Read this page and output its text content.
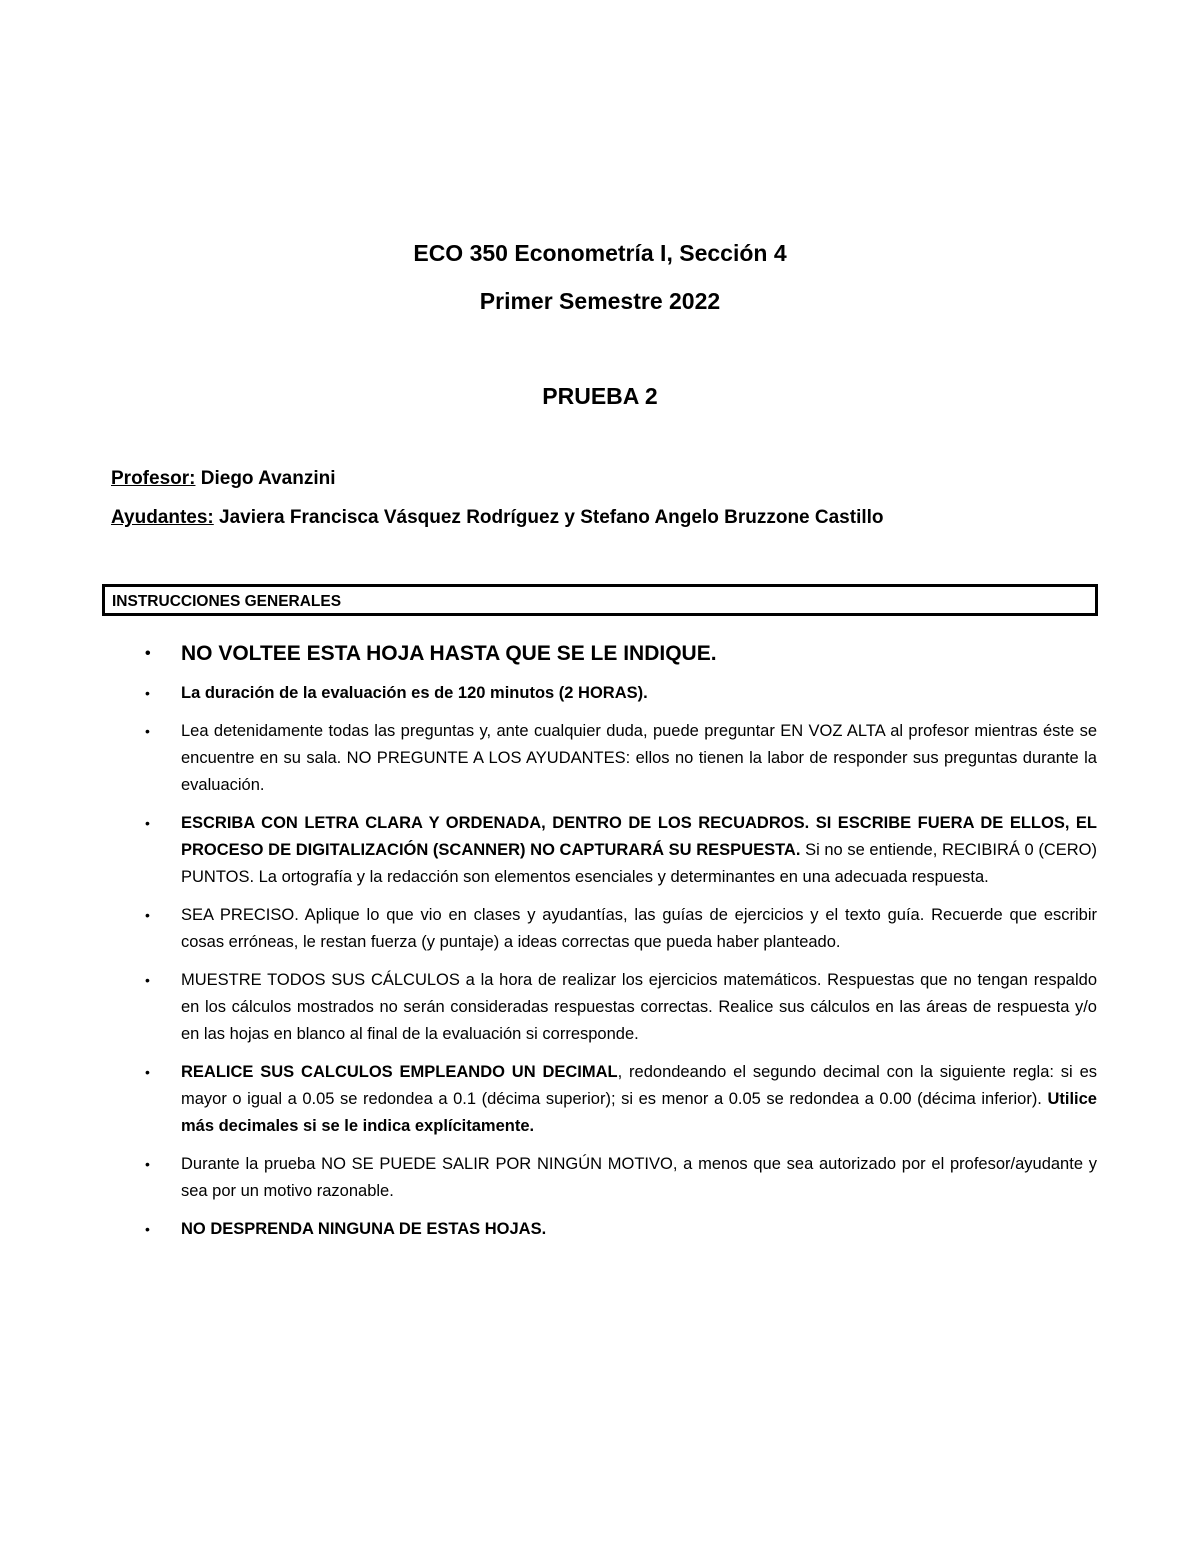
ECO 350 Econometría I, Sección 4
Primer Semestre 2022
PRUEBA 2
Profesor: Diego Avanzini
Ayudantes: Javiera Francisca Vásquez Rodríguez y Stefano Angelo Bruzzone Castillo
INSTRUCCIONES GENERALES
• NO VOLTEE ESTA HOJA HASTA QUE SE LE INDIQUE.
• La duración de la evaluación es de 120 minutos (2 HORAS).
• Lea detenidamente todas las preguntas y, ante cualquier duda, puede preguntar EN VOZ ALTA al profesor mientras éste se encuentre en su sala. NO PREGUNTE A LOS AYUDANTES: ellos no tienen la labor de responder sus preguntas durante la evaluación.
• ESCRIBA CON LETRA CLARA Y ORDENADA, DENTRO DE LOS RECUADROS. SI ESCRIBE FUERA DE ELLOS, EL PROCESO DE DIGITALIZACIÓN (SCANNER) NO CAPTURARÁ SU RESPUESTA. Si no se entiende, RECIBIRÁ 0 (CERO) PUNTOS. La ortografía y la redacción son elementos esenciales y determinantes en una adecuada respuesta.
• SEA PRECISO. Aplique lo que vio en clases y ayudantías, las guías de ejercicios y el texto guía. Recuerde que escribir cosas erróneas, le restan fuerza (y puntaje) a ideas correctas que pueda haber planteado.
• MUESTRE TODOS SUS CÁLCULOS a la hora de realizar los ejercicios matemáticos. Respuestas que no tengan respaldo en los cálculos mostrados no serán consideradas respuestas correctas. Realice sus cálculos en las áreas de respuesta y/o en las hojas en blanco al final de la evaluación si corresponde.
• REALICE SUS CALCULOS EMPLEANDO UN DECIMAL, redondeando el segundo decimal con la siguiente regla: si es mayor o igual a 0.05 se redondea a 0.1 (décima superior); si es menor a 0.05 se redondea a 0.00 (décima inferior). Utilice más decimales si se le indica explícitamente.
• Durante la prueba NO SE PUEDE SALIR POR NINGÚN MOTIVO, a menos que sea autorizado por el profesor/ayudante y sea por un motivo razonable.
• NO DESPRENDA NINGUNA DE ESTAS HOJAS.
